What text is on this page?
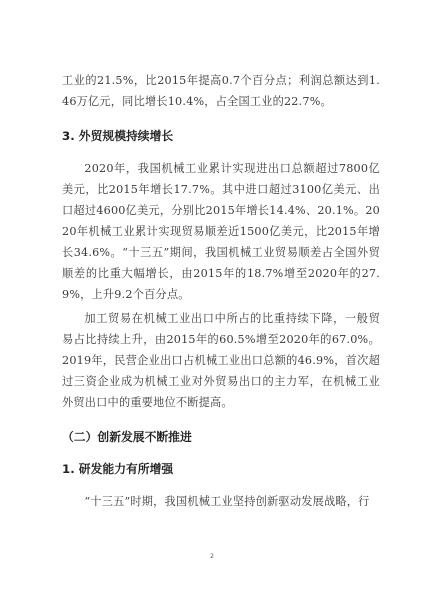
工业的21.5%，比2015年提高0.7个百分点；利润总额达到1.46万亿元，同比增长10.4%，占全国工业的22.7%。

3. 外贸规模持续增长

2020年，我国机械工业累计实现进出口总额超过7800亿美元，比2015年增长17.7%。其中进口超过3100亿美元、出口超过4600亿美元，分别比2015年增长14.4%、20.1%。2020年机械工业累计实现贸易顺差近1500亿美元，比2015年增长34.6%。“十三五”期间，我国机械工业贸易顺差占全国外贸顺差的比重大幅增长，由2015年的18.7%增至2020年的27.9%，上升9.2个百分点。

加工贸易在机械工业出口中所占的比重持续下降，一般贸易占比持续上升，由2015年的60.5%增至2020年的67.0%。2019年，民营企业出口占机械工业出口总额的46.9%，首次超过三资企业成为机械工业对外贸易出口的主力军，在机械工业外贸出口中的重要地位不断提高。

（二）创新发展不断推进
1. 研发能力有所增强

“十三五”时期，我国机械工业坚持创新驱动发展战略，行

2
